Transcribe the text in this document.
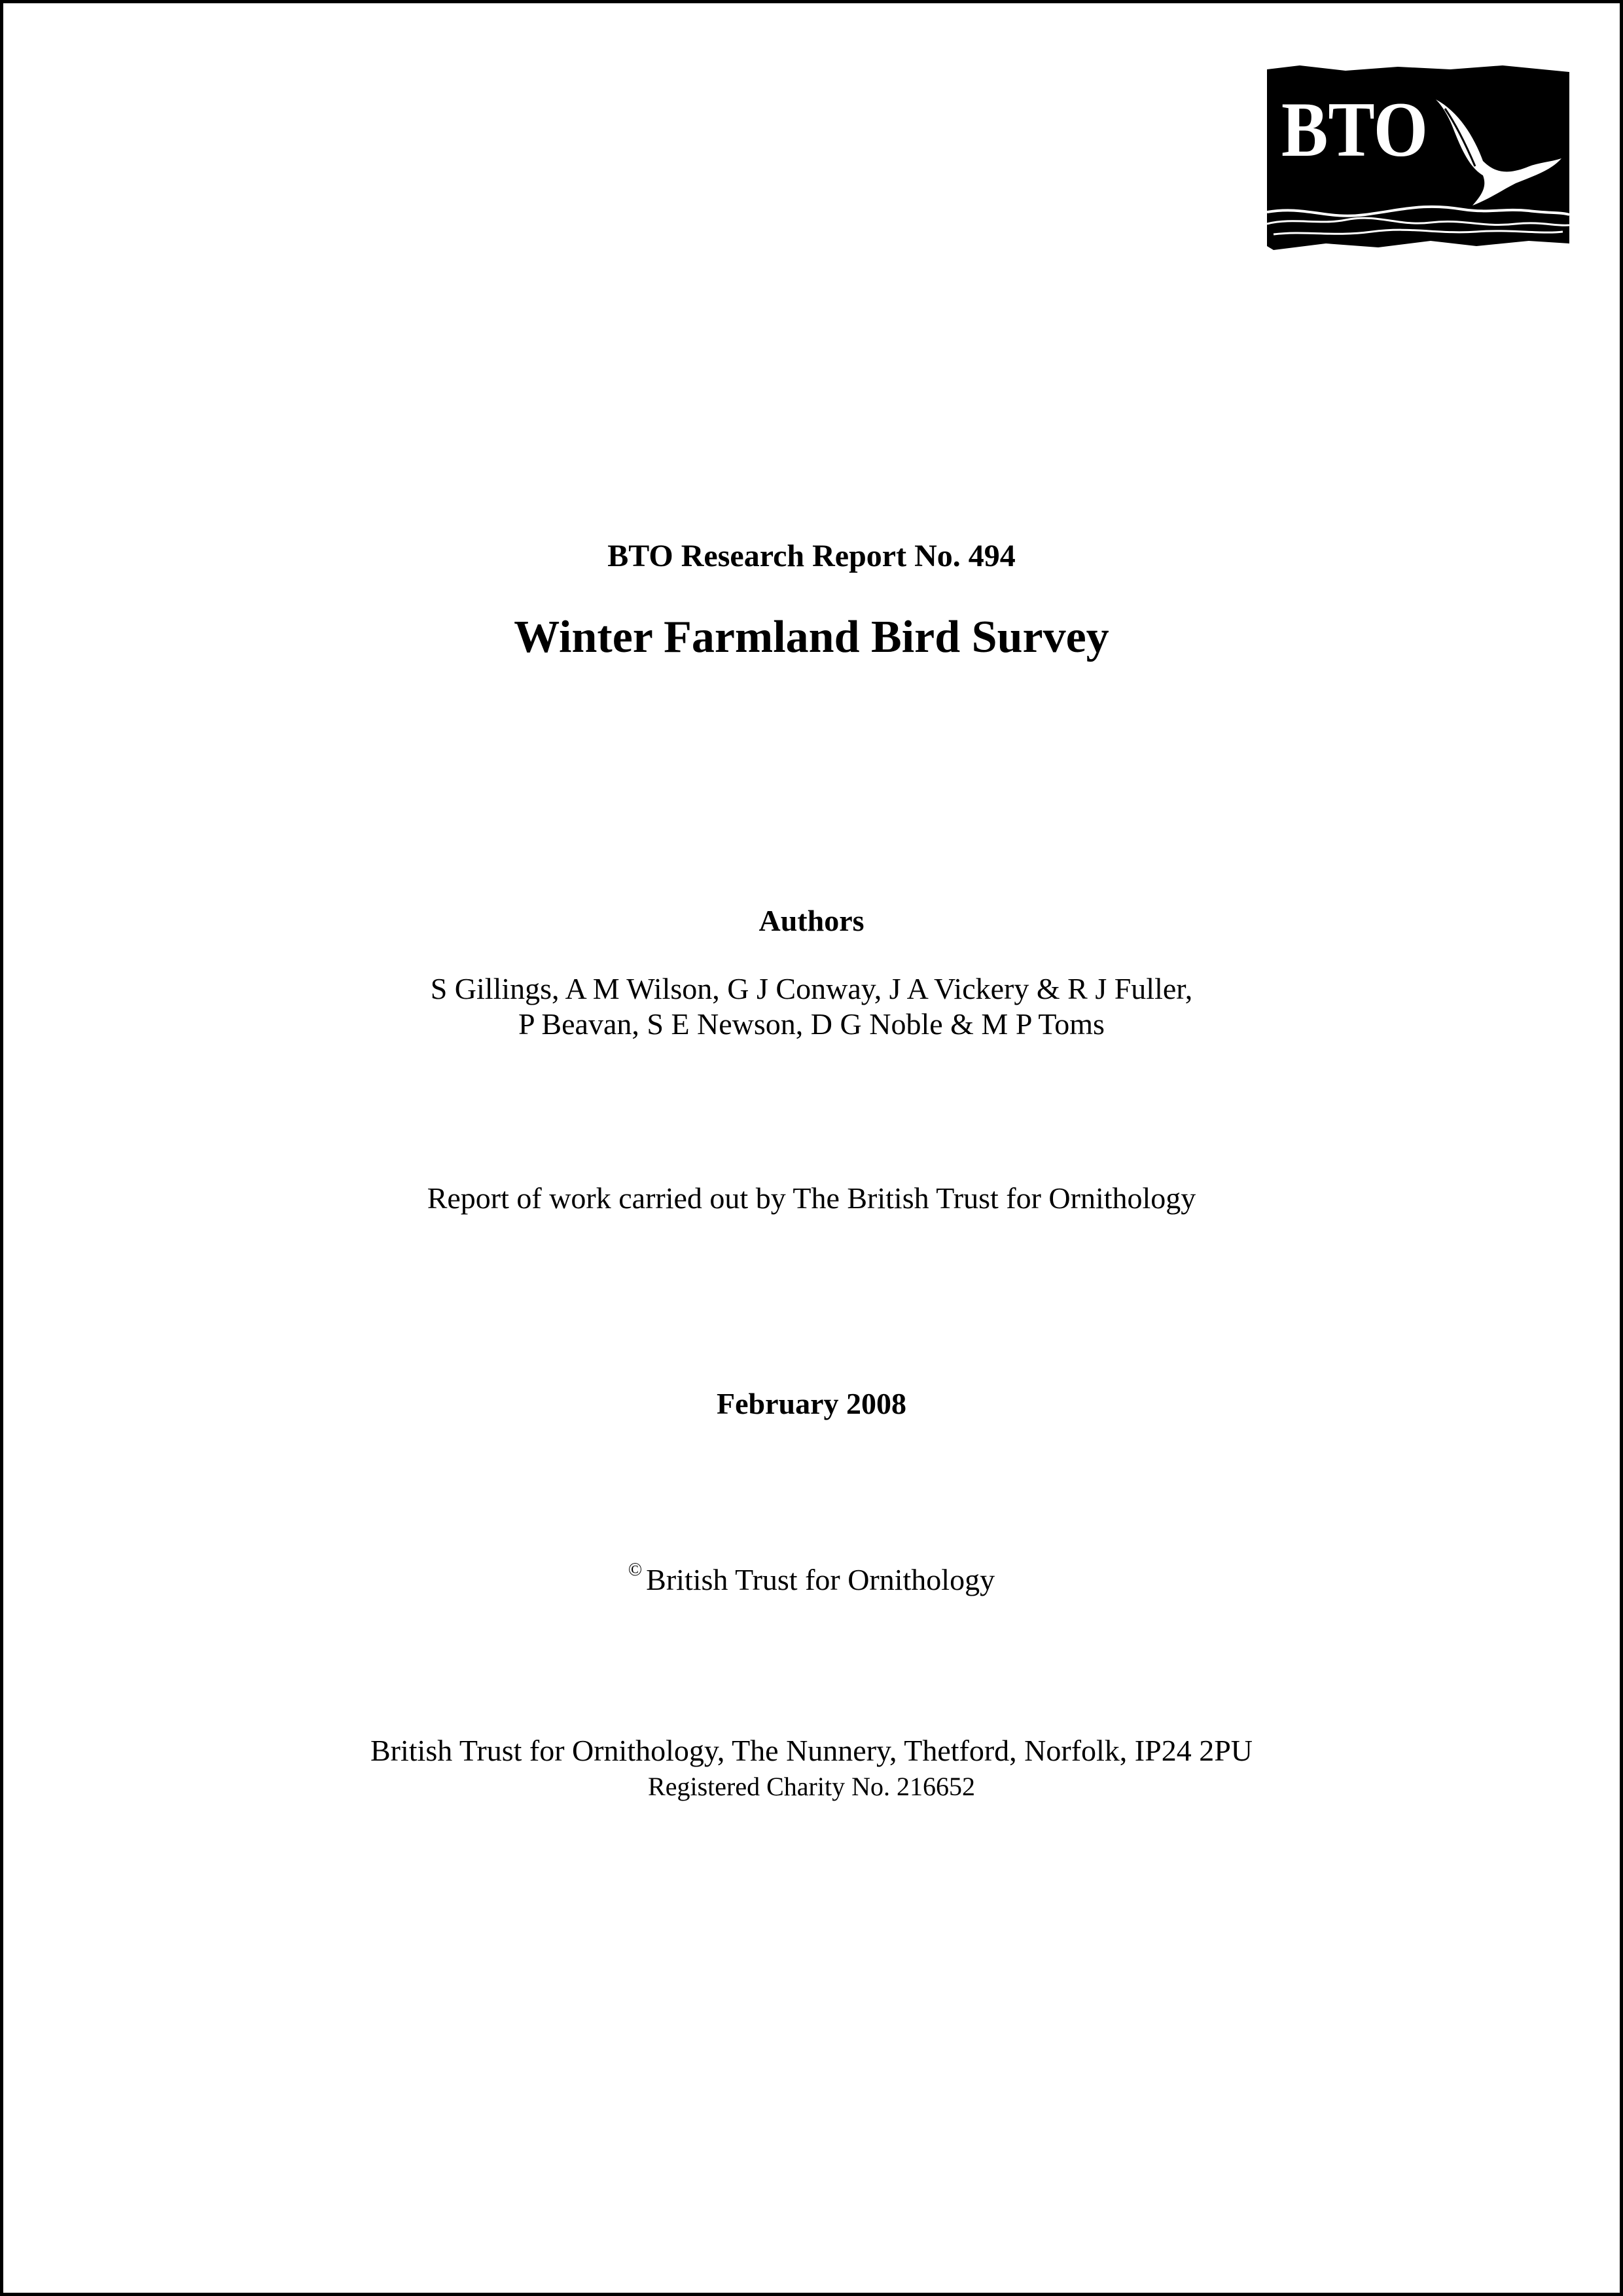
BTO
BTO Research Report No. 494
Winter Farmland Bird Survey
Authors
S Gillings, A M Wilson, G J Conway, J A Vickery & R J Fuller,
P Beavan, S E Newson, D G Noble & M P Toms
Report of work carried out by The British Trust for Ornithology
February 2008
© British Trust for Ornithology
British Trust for Ornithology, The Nunnery, Thetford, Norfolk, IP24 2PU
Registered Charity No. 216652
